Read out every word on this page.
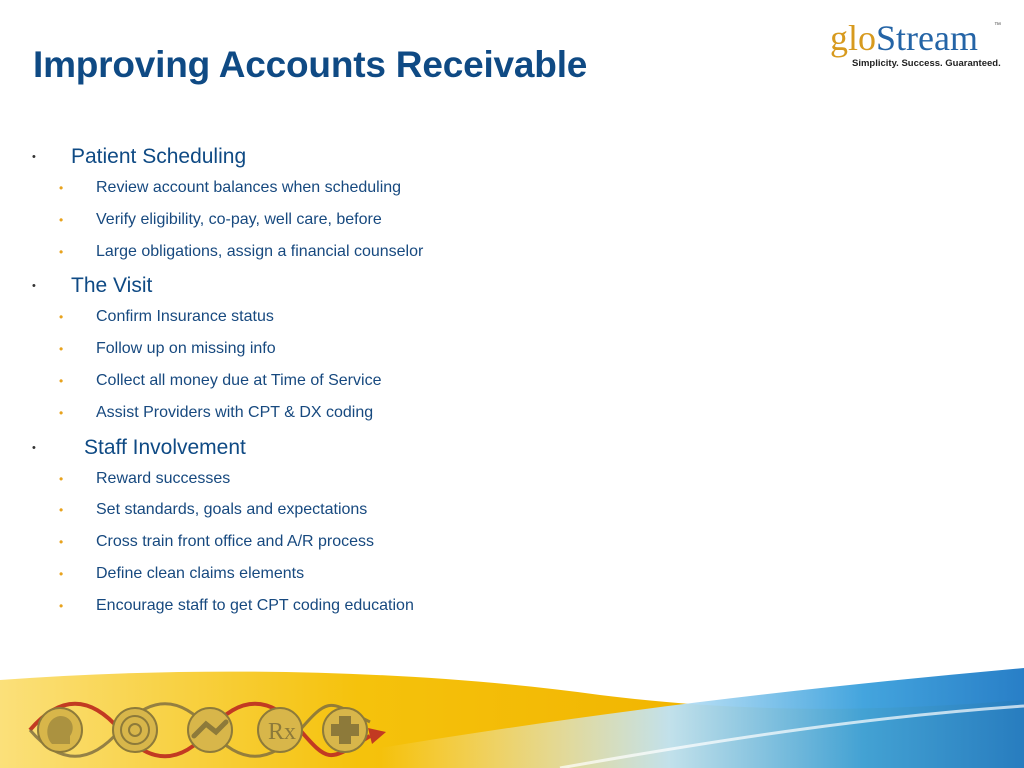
Improving Accounts Receivable
gloStream ™
Simplicity. Success. Guaranteed.
• Patient Scheduling
• Review account balances when scheduling
• Verify eligibility, co-pay, well care, before
• Large obligations, assign a financial counselor
• The Visit
• Confirm Insurance status
• Follow up on missing info
• Collect all money due at Time of Service
• Assist Providers with CPT & DX coding
• Staff Involvement
• Reward successes
• Set standards, goals and expectations
• Cross train front office and A/R process
• Define clean claims elements
• Encourage staff to get CPT coding education
Rx
